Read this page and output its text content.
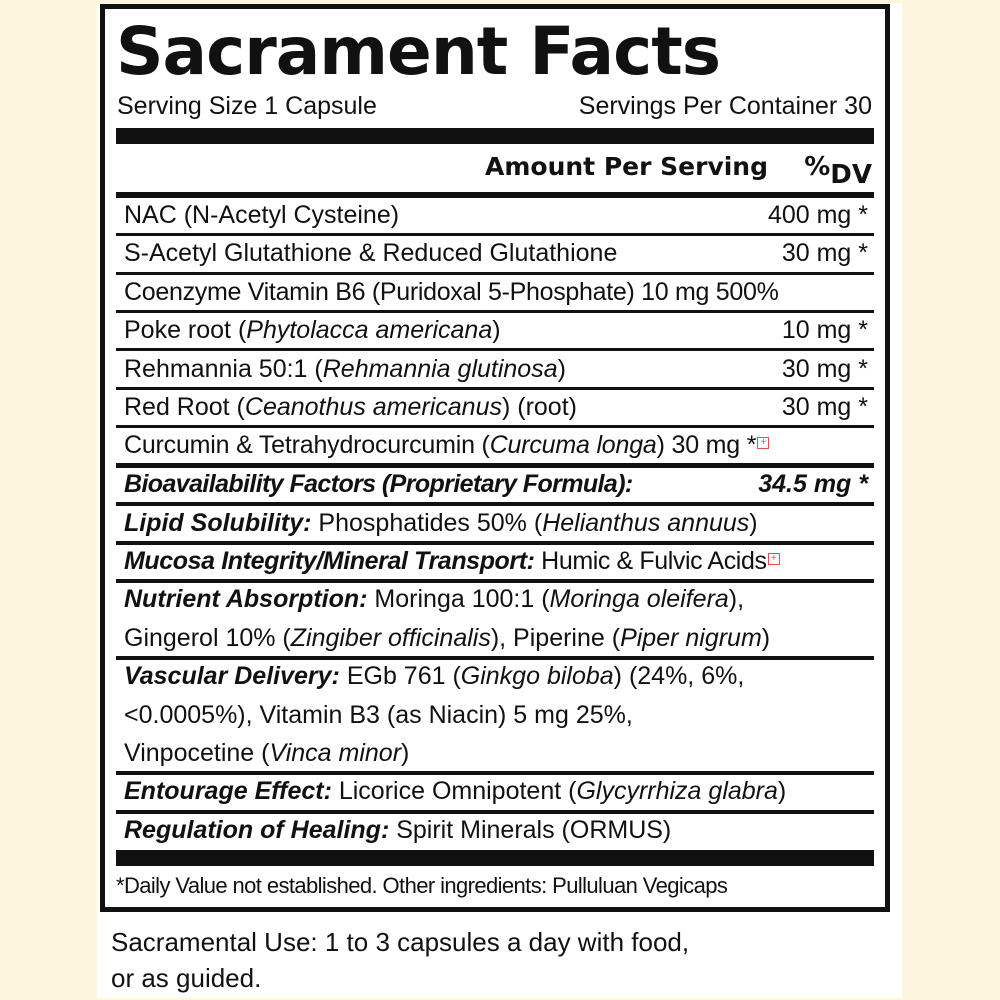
Sacrament Facts
Serving Size 1 Capsule	Servings Per Container 30
Amount Per Serving %DV
NAC (N-Acetyl Cysteine)	400 mg *
S-Acetyl Glutathione & Reduced Glutathione	30 mg *
Coenzyme Vitamin B6 (Puridoxal 5-Phosphate) 10 mg 500%
Poke root (Phytolacca americana)	10 mg *
Rehmannia 50:1 (Rehmannia glutinosa)	30 mg *
Red Root (Ceanothus americanus) (root)	30 mg *
Curcumin & Tetrahydrocurcumin (Curcuma longa) 30 mg * +
Bioavailability Factors (Proprietary Formula):	34.5 mg *
Lipid Solubility: Phosphatides 50% (Helianthus annuus)
Mucosa Integrity/Mineral Transport: Humic & Fulvic Acids +
Nutrient Absorption: Moringa 100:1 (Moringa oleifera),
Gingerol 10% (Zingiber officinalis), Piperine (Piper nigrum)
Vascular Delivery: EGb 761 (Ginkgo biloba) (24%, 6%,
<0.0005%), Vitamin B3 (as Niacin) 5 mg 25%,
Vinpocetine (Vinca minor)
Entourage Effect: Licorice Omnipotent (Glycyrrhiza glabra)
Regulation of Healing: Spirit Minerals (ORMUS)
*Daily Value not established. Other ingredients: Pulluluan Vegicaps
Sacramental Use: 1 to 3 capsules a day with food,
or as guided.
